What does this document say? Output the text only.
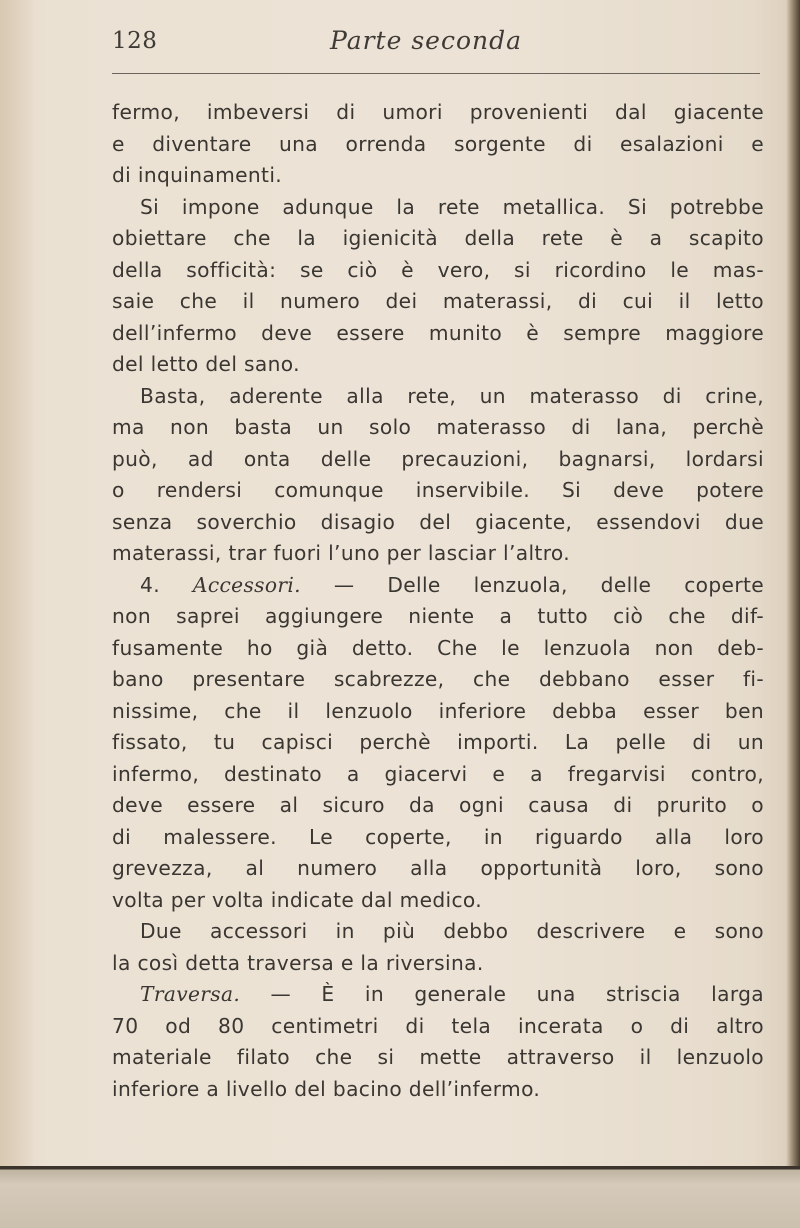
128	Parte seconda
fermo, imbeversi di umori provenienti dal giacente
e diventare una orrenda sorgente di esalazioni e
di inquinamenti.
Si impone adunque la rete metallica. Si potrebbe
obiettare che la igienicità della rete è a scapito
della sofficità: se ciò è vero, si ricordino le mas-
saie che il numero dei materassi, di cui il letto
dell’infermo deve essere munito è sempre maggiore
del letto del sano.
Basta, aderente alla rete, un materasso di crine,
ma non basta un solo materasso di lana, perchè
può, ad onta delle precauzioni, bagnarsi, lordarsi
o rendersi comunque inservibile. Si deve potere
senza soverchio disagio del giacente, essendovi due
materassi, trar fuori l’uno per lasciar l’altro.
4. Accessori. — Delle lenzuola, delle coperte
non saprei aggiungere niente a tutto ciò che dif-
fusamente ho già detto. Che le lenzuola non deb-
bano presentare scabrezze, che debbano esser fi-
nissime, che il lenzuolo inferiore debba esser ben
fissato, tu capisci perchè importi. La pelle di un
infermo, destinato a giacervi e a fregarvisi contro,
deve essere al sicuro da ogni causa di prurito o
di malessere. Le coperte, in riguardo alla loro
grevezza, al numero alla opportunità loro, sono
volta per volta indicate dal medico.
Due accessori in più debbo descrivere e sono
la così detta traversa e la riversina.
Traversa. — È in generale una striscia larga
70 od 80 centimetri di tela incerata o di altro
materiale filato che si mette attraverso il lenzuolo
inferiore a livello del bacino dell’infermo.
